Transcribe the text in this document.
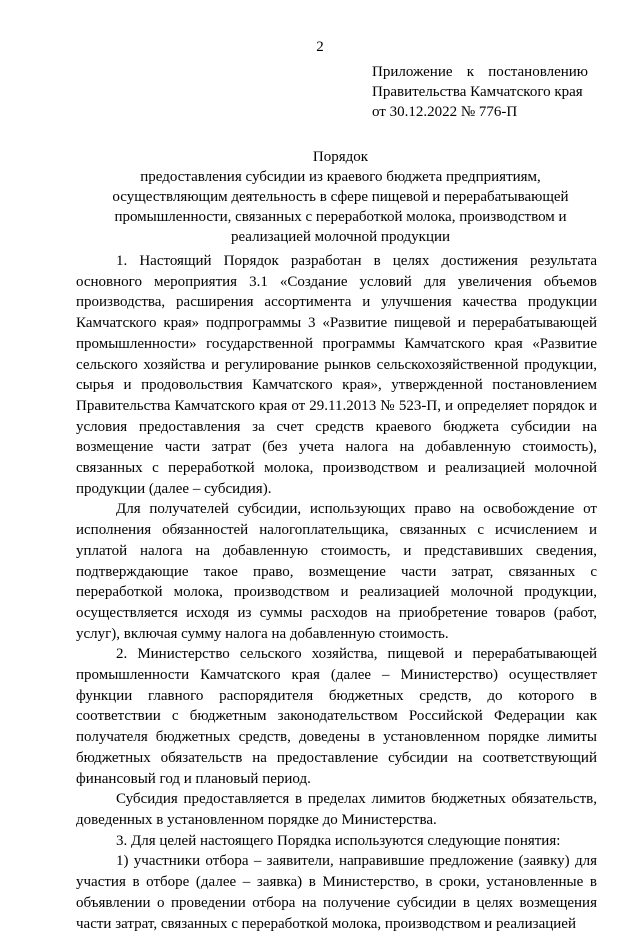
2
Приложение к постановлению
Правительства Камчатского края
от 30.12.2022 № 776-П
Порядок
предоставления субсидии из краевого бюджета предприятиям,
осуществляющим деятельность в сфере пищевой и перерабатывающей
промышленности, связанных с переработкой молока, производством и
реализацией молочной продукции

1. Настоящий Порядок разработан в целях достижения результата основного мероприятия 3.1 «Создание условий для увеличения объемов производства, расширения ассортимента и улучшения качества продукции Камчатского края» подпрограммы 3 «Развитие пищевой и перерабатывающей промышленности» государственной программы Камчатского края «Развитие сельского хозяйства и регулирование рынков сельскохозяйственной продукции, сырья и продовольствия Камчатского края», утвержденной постановлением Правительства Камчатского края от 29.11.2013 № 523-П, и определяет порядок и условия предоставления за счет средств краевого бюджета субсидии на возмещение части затрат (без учета налога на добавленную стоимость), связанных с переработкой молока, производством и реализацией молочной продукции (далее – субсидия).

Для получателей субсидии, использующих право на освобождение от исполнения обязанностей налогоплательщика, связанных с исчислением и уплатой налога на добавленную стоимость, и представивших сведения, подтверждающие такое право, возмещение части затрат, связанных с переработкой молока, производством и реализацией молочной продукции, осуществляется исходя из суммы расходов на приобретение товаров (работ, услуг), включая сумму налога на добавленную стоимость.

2. Министерство сельского хозяйства, пищевой и перерабатывающей промышленности Камчатского края (далее – Министерство) осуществляет функции главного распорядителя бюджетных средств, до которого в соответствии с бюджетным законодательством Российской Федерации как получателя бюджетных средств, доведены в установленном порядке лимиты бюджетных обязательств на предоставление субсидии на соответствующий финансовый год и плановый период.

Субсидия предоставляется в пределах лимитов бюджетных обязательств, доведенных в установленном порядке до Министерства.

3. Для целей настоящего Порядка используются следующие понятия:

1) участники отбора – заявители, направившие предложение (заявку) для участия в отборе (далее – заявка) в Министерство, в сроки, установленные в объявлении о проведении отбора на получение субсидии в целях возмещения части затрат, связанных с переработкой молока, производством и реализацией
